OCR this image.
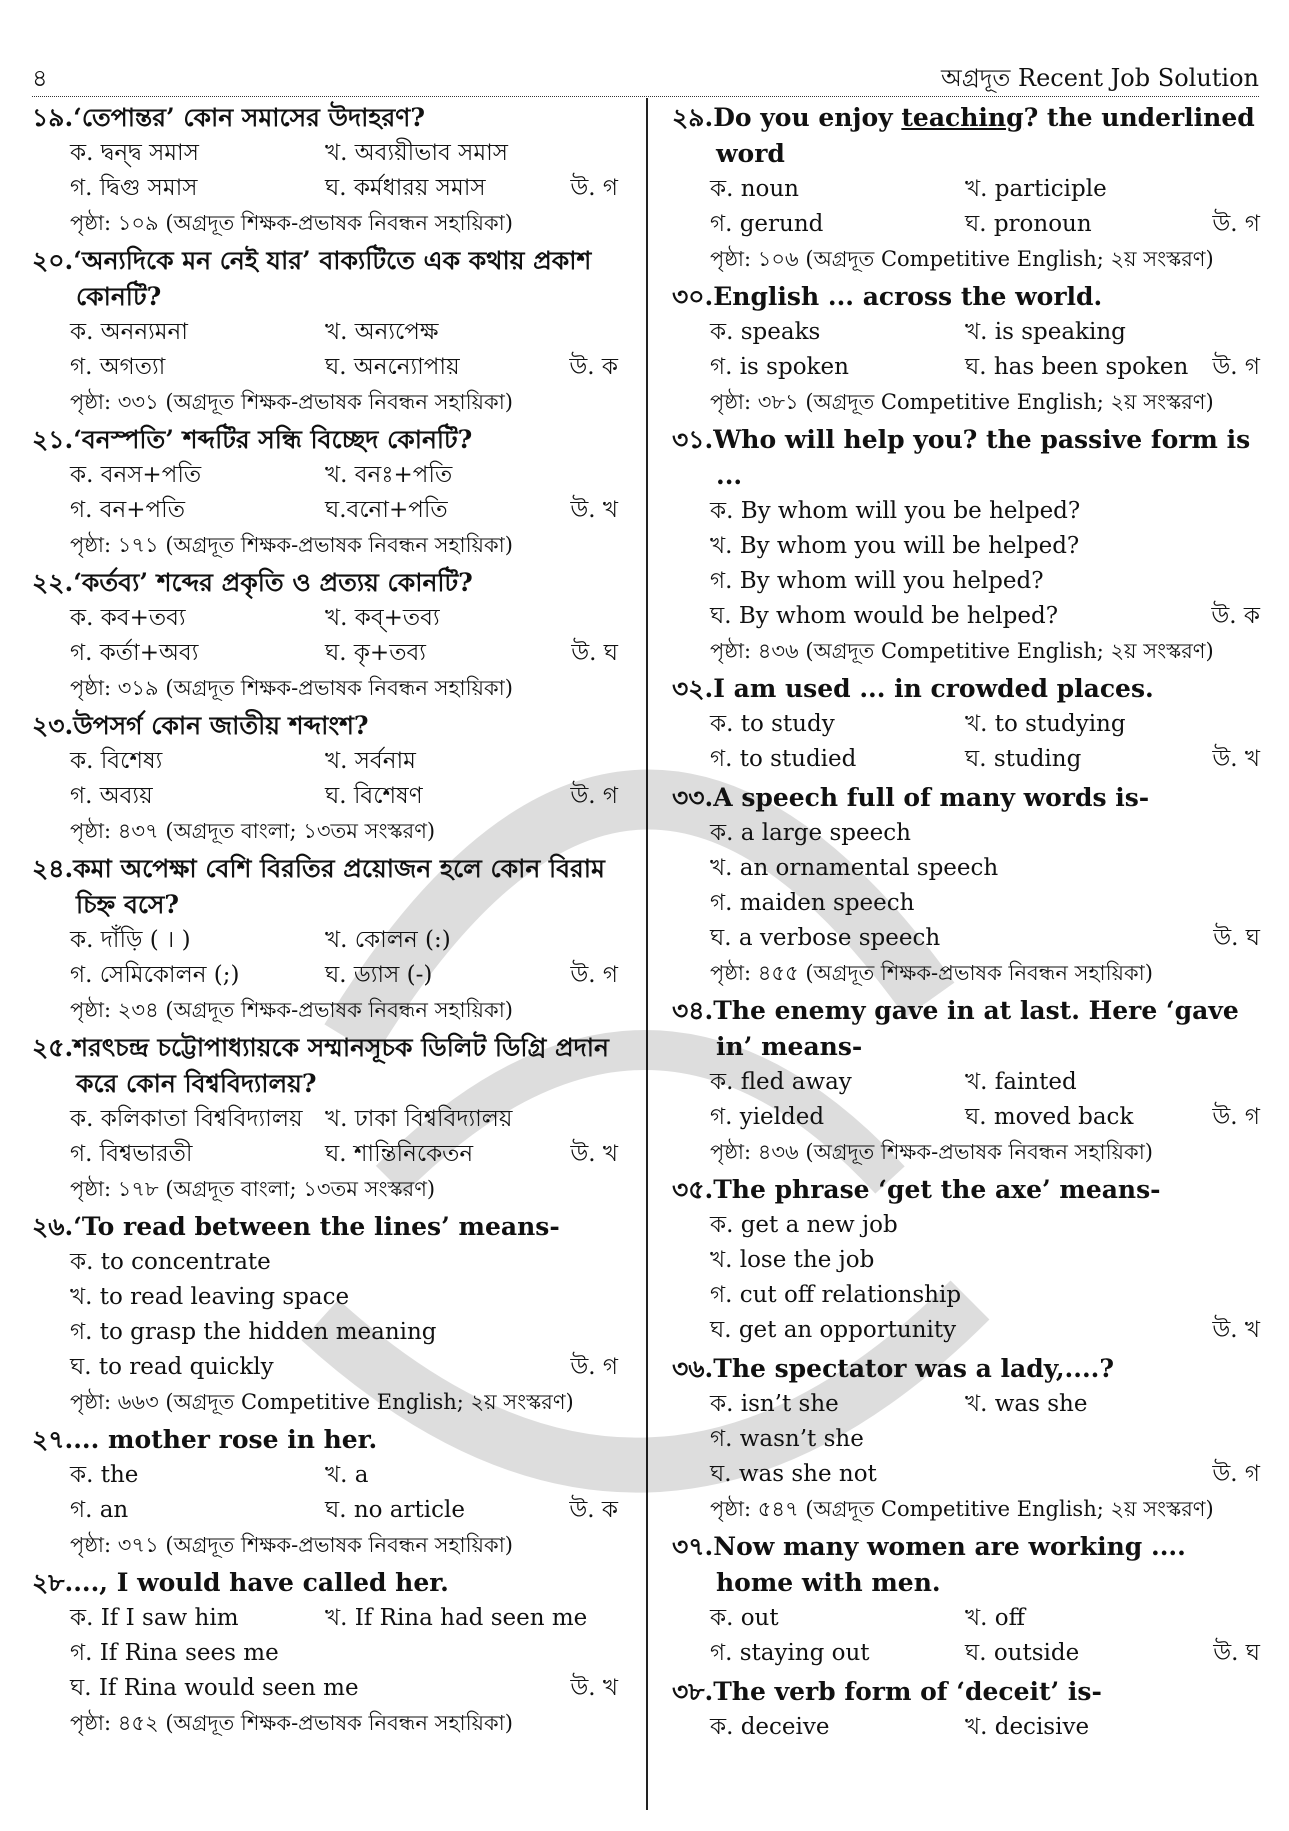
৪	অগ্রদূত Recent Job Solution
১৯.‘তেপান্তর’ কোন সমাসের উদাহরণ?
ক. দ্বন্দ্ব সমাস	খ. অব্যয়ীভাব সমাস
গ. দ্বিগু সমাস	ঘ. কর্মধারয় সমাস	উ. গ
পৃষ্ঠা: ১০৯ (অগ্রদূত শিক্ষক-প্রভাষক নিবন্ধন সহায়িকা)
২০.‘অন্যদিকে মন নেই যার’ বাক্যটিতে এক কথায় প্রকাশ কোনটি?
ক. অনন্যমনা	খ. অন্যপেক্ষ
গ. অগত্যা	ঘ. অনন্যোপায়	উ. ক
পৃষ্ঠা: ৩৩১ (অগ্রদূত শিক্ষক-প্রভাষক নিবন্ধন সহায়িকা)
২১.‘বনস্পতি’ শব্দটির সন্ধি বিচ্ছেদ কোনটি?
ক. বনস+পতি	খ. বনঃ+পতি
গ. বন+পতি	ঘ.বনো+পতি	উ. খ
পৃষ্ঠা: ১৭১ (অগ্রদূত শিক্ষক-প্রভাষক নিবন্ধন সহায়িকা)
২২.‘কর্তব্য’ শব্দের প্রকৃতি ও প্রত্যয় কোনটি?
ক. কব+তব্য	খ. কব্+তব্য
গ. কর্তা+অব্য	ঘ. কৃ+তব্য	উ. ঘ
পৃষ্ঠা: ৩১৯ (অগ্রদূত শিক্ষক-প্রভাষক নিবন্ধন সহায়িকা)
২৩.উপসর্গ কোন জাতীয় শব্দাংশ?
ক. বিশেষ্য	খ. সর্বনাম
গ. অব্যয়	ঘ. বিশেষণ	উ. গ
পৃষ্ঠা: ৪৩৭ (অগ্রদূত বাংলা; ১৩তম সংস্করণ)
২৪.কমা অপেক্ষা বেশি বিরতির প্রয়োজন হলে কোন বিরাম চিহ্ন বসে?
ক. দাঁড়ি ( । )	খ. কোলন (:)
গ. সেমিকোলন (;)	ঘ. ড্যাস (-)	উ. গ
পৃষ্ঠা: ২৩৪ (অগ্রদূত শিক্ষক-প্রভাষক নিবন্ধন সহায়িকা)
২৫.শরৎচন্দ্র চট্টোপাধ্যায়কে সম্মানসূচক ডিলিট ডিগ্রি প্রদান করে কোন বিশ্ববিদ্যালয়?
ক. কলিকাতা বিশ্ববিদ্যালয় খ. ঢাকা বিশ্ববিদ্যালয়
গ. বিশ্বভারতী	ঘ. শান্তিনিকেতন	উ. খ
পৃষ্ঠা: ১৭৮ (অগ্রদূত বাংলা; ১৩তম সংস্করণ)
২৬.‘To read between the lines’ means-
ক. to concentrate
খ. to read leaving space
গ. to grasp the hidden meaning
ঘ. to read quickly	উ. গ
পৃষ্ঠা: ৬৬৩ (অগ্রদূত Competitive English; ২য় সংস্করণ)
২৭.... mother rose in her.
ক. the	খ. a
গ. an	ঘ. no article	উ. ক
পৃষ্ঠা: ৩৭১ (অগ্রদূত শিক্ষক-প্রভাষক নিবন্ধন সহায়িকা)
২৮...., I would have called her.
ক. If I saw him	খ. If Rina had seen me
গ. If Rina sees me
ঘ. If Rina would seen me	উ. খ
পৃষ্ঠা: ৪৫২ (অগ্রদূত শিক্ষক-প্রভাষক নিবন্ধন সহায়িকা)
২৯.Do you enjoy teaching? the underlined word
ক. noun	খ. participle
গ. gerund	ঘ. pronoun	উ. গ
পৃষ্ঠা: ১০৬ (অগ্রদূত Competitive English; ২য় সংস্করণ)
৩০.English ... across the world.
ক. speaks	খ. is speaking
গ. is spoken	ঘ. has been spoken উ. গ
পৃষ্ঠা: ৩৮১ (অগ্রদূত Competitive English; ২য় সংস্করণ)
৩১.Who will help you? the passive form is ...
ক. By whom will you be helped?
খ. By whom you will be helped?
গ. By whom will you helped?
ঘ. By whom would be helped?	উ. ক
পৃষ্ঠা: ৪৩৬ (অগ্রদূত Competitive English; ২য় সংস্করণ)
৩২.I am used ... in crowded places.
ক. to study	খ. to studying
গ. to studied	ঘ. studing	উ. খ
৩৩.A speech full of many words is-
ক. a large speech
খ. an ornamental speech
গ. maiden speech
ঘ. a verbose speech	উ. ঘ
পৃষ্ঠা: ৪৫৫ (অগ্রদূত শিক্ষক-প্রভাষক নিবন্ধন সহায়িকা)
৩৪.The enemy gave in at last. Here ‘gave in’ means-
ক. fled away	খ. fainted
গ. yielded	ঘ. moved back	উ. গ
পৃষ্ঠা: ৪৩৬ (অগ্রদূত শিক্ষক-প্রভাষক নিবন্ধন সহায়িকা)
৩৫.The phrase ‘get the axe’ means-
ক. get a new job
খ. lose the job
গ. cut off relationship
ঘ. get an opportunity	উ. খ
৩৬.The spectator was a lady,....?
ক. isn’t she	খ. was she
গ. wasn’t she
ঘ. was she not	উ. গ
পৃষ্ঠা: ৫৪৭ (অগ্রদূত Competitive English; ২য় সংস্করণ)
৩৭.Now many women are working .... home with men.
ক. out	খ. off
গ. staying out	ঘ. outside	উ. ঘ
৩৮.The verb form of ‘deceit’ is-
ক. deceive	খ. decisive
